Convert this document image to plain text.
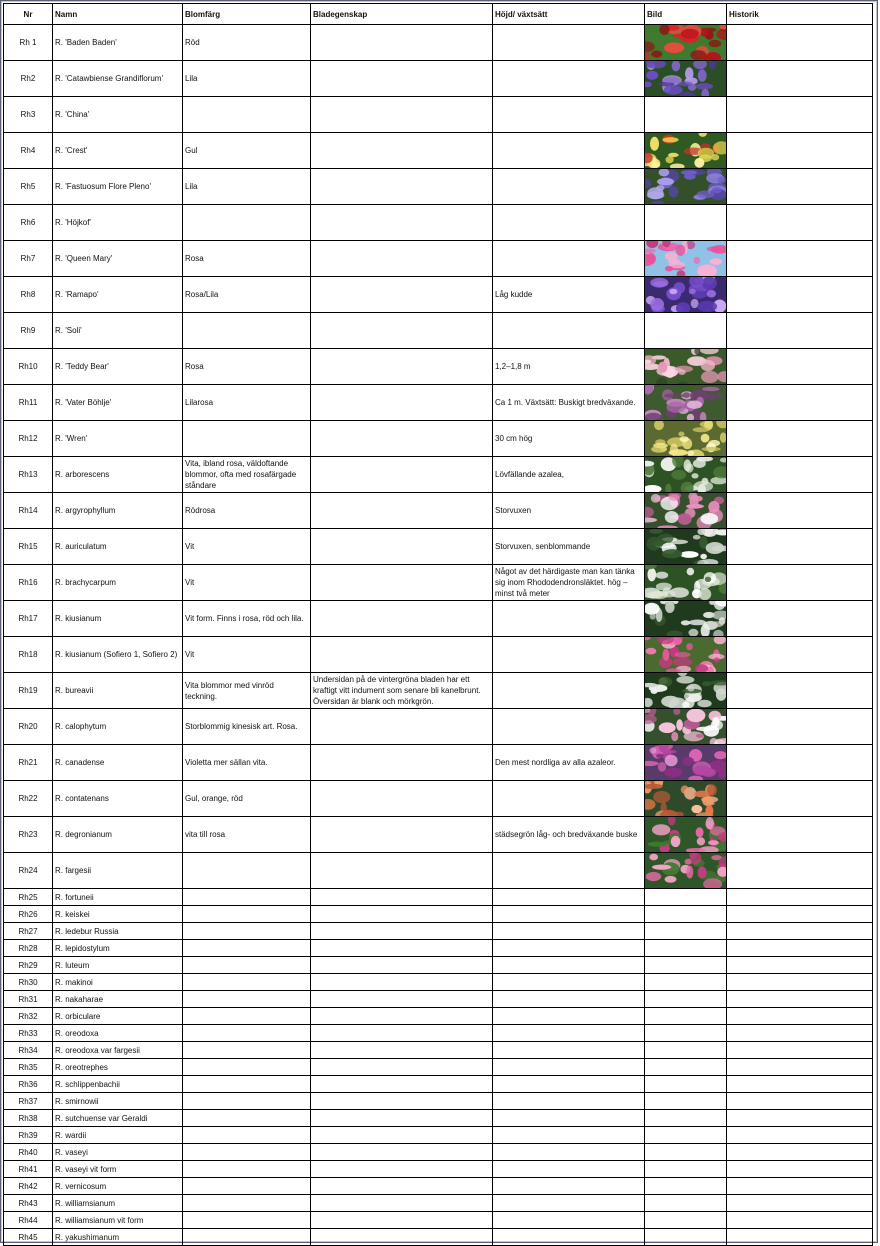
Nr	Namn	Blomfärg	Bladegenskap	Höjd/ växtsätt	Bild	Historik
Rh 1	R. 'Baden Baden'	Röd			

Rh2	R. 'Catawbiense Grandiflorum'	Lila			

Rh3	R. 'China'					
Rh4	R. 'Crest'	Gul			

Rh5	R. 'Fastuosum Flore Pleno'	Lila			

Rh6	R. 'Höjkof'					
Rh7	R. 'Queen Mary'	Rosa			

Rh8	R. 'Ramapo'	Rosa/Lila		Låg kudde	

Rh9	R. 'Soli'					
Rh10	R. 'Teddy Bear'	Rosa		1,2–1,8 m	

Rh11	R. 'Vater Böhlje'	Lilarosa		Ca 1 m. Växtsätt: Buskigt bredväxande.	

Rh12	R. 'Wren'			30 cm hög	

Rh13	R. arborescens	Vita, ibland rosa, väldoftande blommor, ofta med rosafärgade ståndare		Lövfällande azalea,	

Rh14	R. argyrophyllum	Rödrosa		Storvuxen	

Rh15	R. auriculatum	Vit		Storvuxen, senblommande	

Rh16	R. brachycarpum	Vit		Något av det härdigaste man kan tänka sig inom Rhododendronsläktet. hög – minst två meter	

Rh17	R. kiusianum	Vit form. Finns i rosa, röd och lila.			

Rh18	R. kiusianum (Sofiero 1, Sofiero 2)	Vit			

Rh19	R. bureavii	Vita blommor med vinröd teckning.	Undersidan på de vintergröna bladen har ett kraftigt vitt indument som senare bli kanelbrunt. Översidan är blank och mörkgrön.		

Rh20	R. calophytum	Storblommig kinesisk art. Rosa.			

Rh21	R. canadense	Violetta mer sällan vita.		Den mest nordliga av alla azaleor.	

Rh22	R. contatenans	Gul, orange, röd			

Rh23	R. degronianum	vita till rosa		städsegrön låg- och bredväxande buske	

Rh24	R. fargesii				

Rh25	R. fortuneii					
Rh26	R. keiskei					
Rh27	R. ledebur Russia					
Rh28	R. lepidostylum					
Rh29	R. luteum					
Rh30	R. makinoi					
Rh31	R. nakaharae					
Rh32	R. orbiculare					
Rh33	R. oreodoxa					
Rh34	R. oreodoxa var fargesii					
Rh35	R. oreotrephes					
Rh36	R. schlippenbachii					
Rh37	R. smirnowii					
Rh38	R. sutchuense var Geraldi					
Rh39	R. wardii					
Rh40	R. vaseyi					
Rh41	R. vaseyi vit form					
Rh42	R. vernicosum					
Rh43	R. williamsianum					
Rh44	R. williamsianum vit form					
Rh45	R. yakushimanum					
